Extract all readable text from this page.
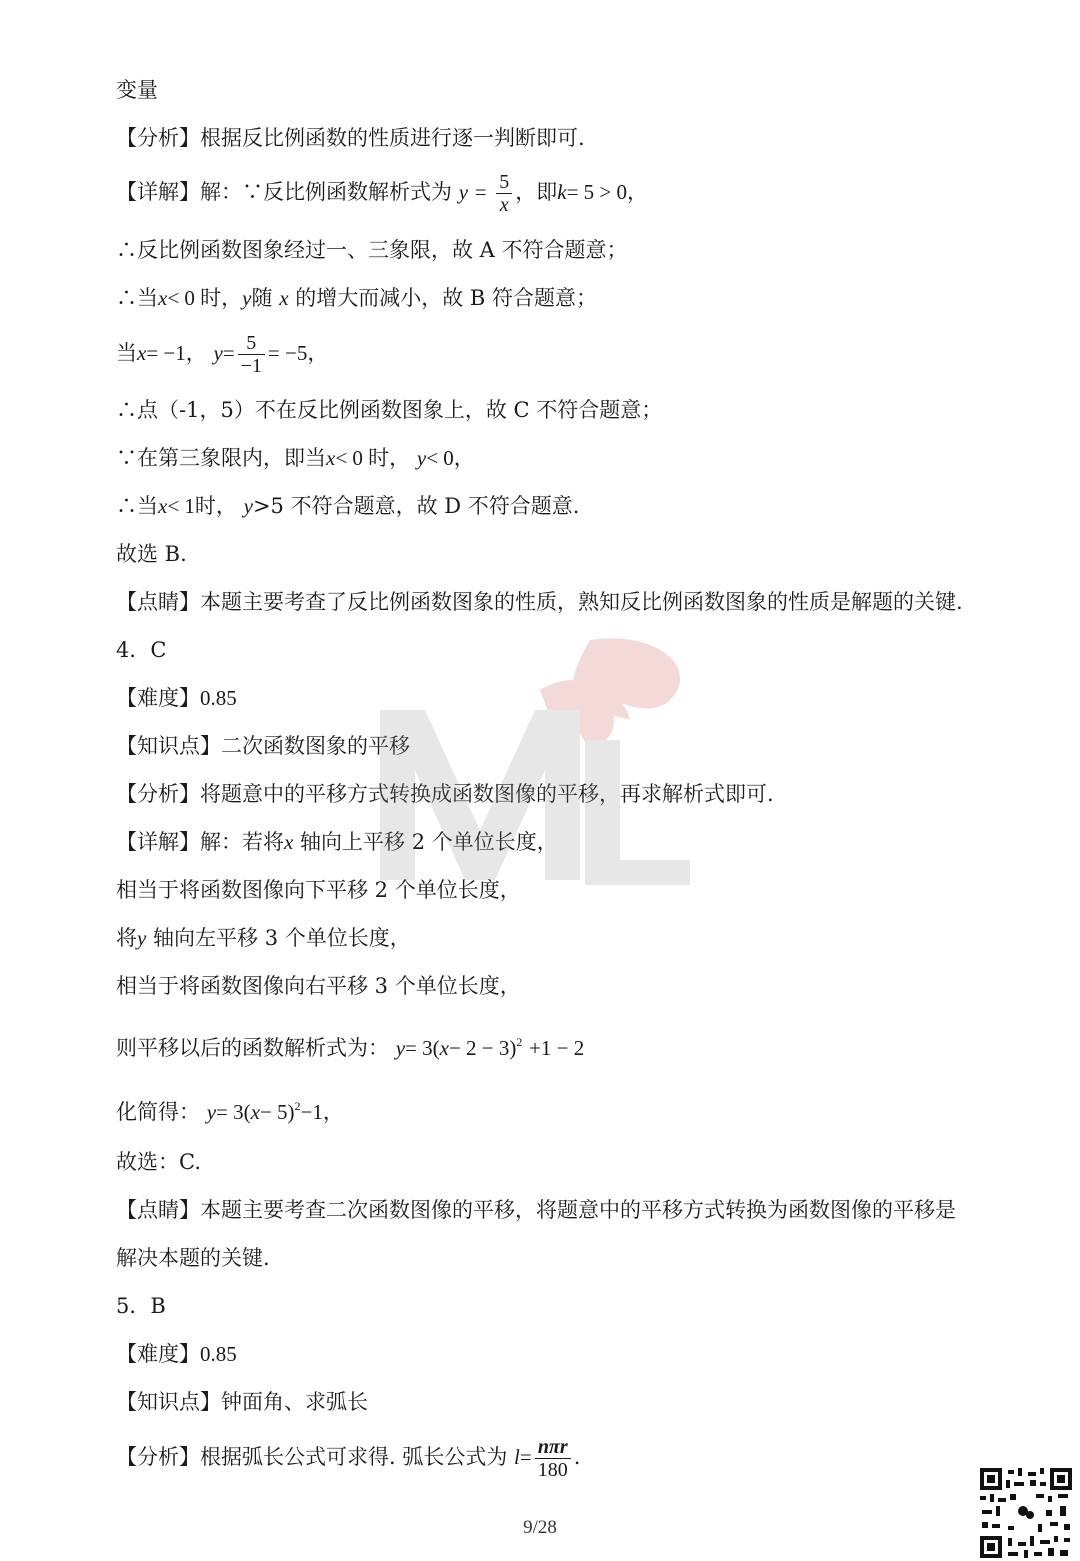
变量
【分析】根据反比例函数的性质进行逐一判断即可.
【详解】解：∵反比例函数解析式为 $y = \frac{5}{x}$ ，即k= 5 > 0，
∴反比例函数图象经过一、三象限，故 A 不符合题意；
∴当x< 0 时，y随 x 的增大而减小，故 B 符合题意；
当x= −1， $y= \frac{5}{-1} = -5$，
∴点（-1，5）不在反比例函数图象上，故 C 不符合题意；
∵在第三象限内，即当x< 0 时， y< 0，
∴当x< 1时， y>5 不符合题意，故 D 不符合题意.
故选 B.
【点睛】本题主要考查了反比例函数图象的性质，熟知反比例函数图象的性质是解题的关键.
4．C
【难度】0.85
【知识点】二次函数图象的平移
【分析】将题意中的平移方式转换成函数图像的平移，再求解析式即可.
【详解】解：若将x 轴向上平移 2 个单位长度，
相当于将函数图像向下平移 2 个单位长度，
将y 轴向左平移 3 个单位长度，
相当于将函数图像向右平移 3 个单位长度，
则平移以后的函数解析式为： $y= 3(x- 2 - 3)^2 +1 - 2$
化简得： $y= 3(x- 5)^2-1$，
故选：C.
【点睛】本题主要考查二次函数图像的平移，将题意中的平移方式转换为函数图像的平移是
解决本题的关键.
5．B
【难度】0.85
【知识点】钟面角、求弧长
【分析】根据弧长公式可求得. 弧长公式为 $l= \frac{\text{nπr}}{180}$ .
9/28
